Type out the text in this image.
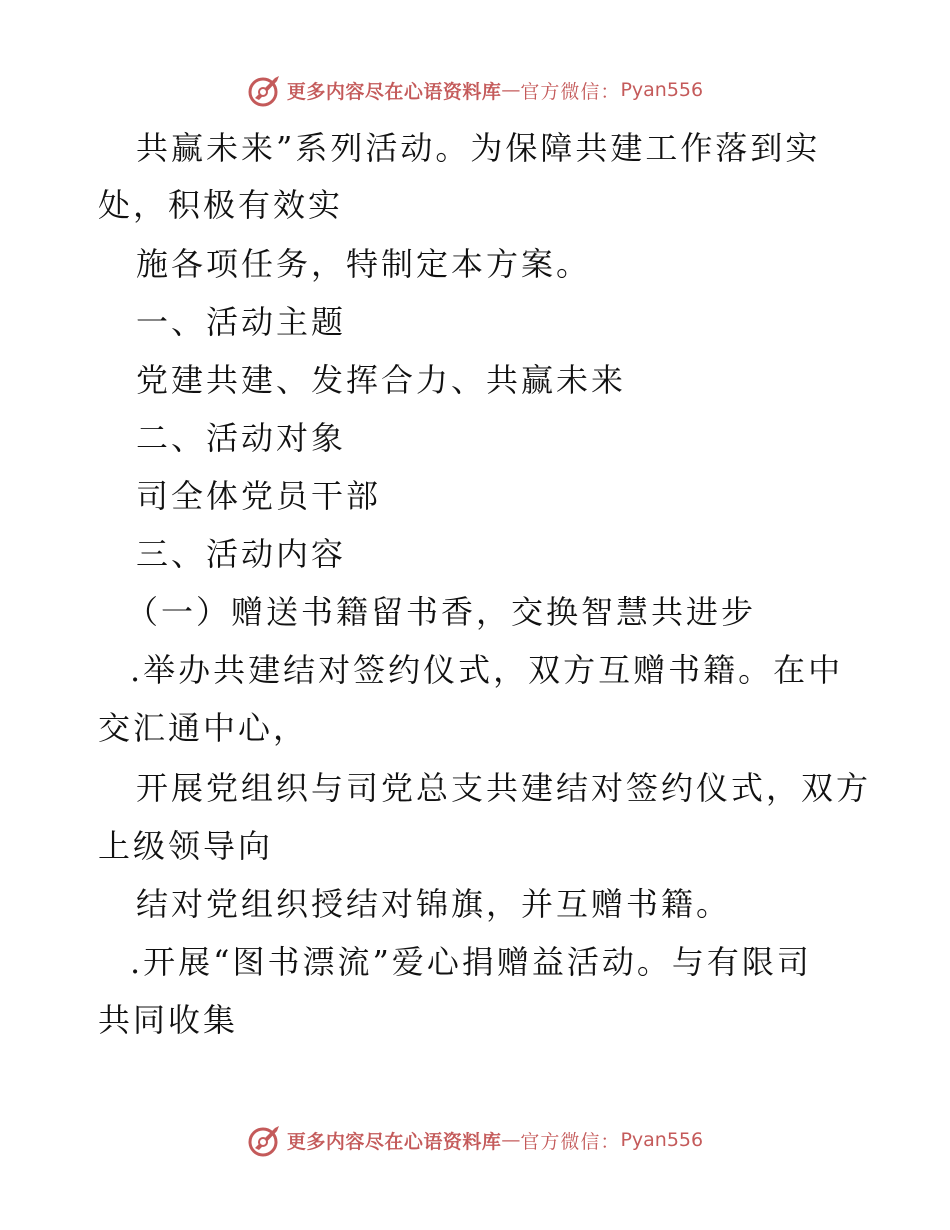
更多内容尽在心语资料库 — 官方微信： Pyan556
共赢未来”系列活动。为保障共建工作落到实
处，积极有效实
施各项任务，特制定本方案。
一、活动主题
党建共建、发挥合力、共赢未来
二、活动对象
司全体党员干部
三、活动内容
（一）赠送书籍留书香，交换智慧共进步
.举办共建结对签约仪式，双方互赠书籍。在中
交汇通中心，
开展党组织与司党总支共建结对签约仪式，双方
上级领导向
结对党组织授结对锦旗，并互赠书籍。
.开展“图书漂流”爱心捐赠益活动。与有限司
共同收集
更多内容尽在心语资料库 — 官方微信： Pyan556
